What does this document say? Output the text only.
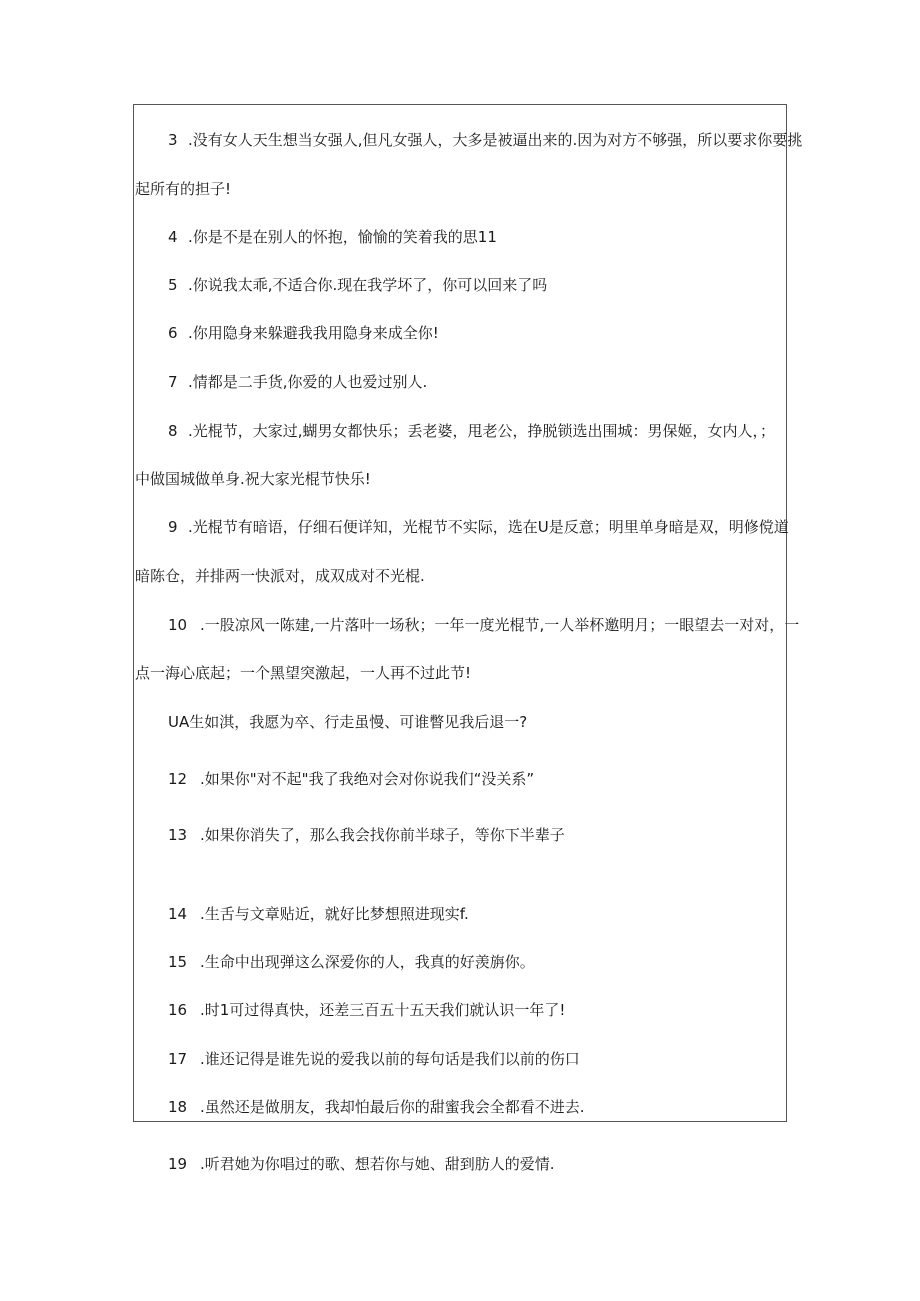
3 .没有女人天生想当女强人,但凡女强人，大多是被逼出来的.因为对方不够强，所以要求你要挑
起所有的担子!
4 .你是不是在别人的怀抱，愉愉的笑着我的思11
5 .你说我太乖,不适合你.现在我学坏了，你可以回来了吗
6 .你用隐身来躲避我我用隐身来成全你!
7 .情都是二手货,你爱的人也爱过别人.
8 .光棍节，大家过,蝴男女都快乐；丢老婆，甩老公，挣脱锁选出围城：男保姬，女内人，；
中做国城做单身.祝大家光棍节快乐!
9 .光棍节有暗语，仔细石便详知，光棍节不实际，选在U是反意；明里单身暗是双，明修傥道
暗陈仓，并排两一快派对，成双成对不光棍.
10 .一股凉风一陈建,一片落叶一场秋；一年一度光棍节,一人举杯邀明月；一眼望去一对对，一
点一海心底起；一个黑望突激起，一人再不过此节!
UA生如淇，我愿为卒、行走虽慢、可谁瞥见我后退一?
12 .如果你"对不起"我了我绝对会对你说我们“没关系”
13 .如果你消失了，那么我会找你前半球子，等你下半辈子
14 .生舌与文章贴近，就好比梦想照进现实f.
15 .生命中出现弹这么深爱你的人，我真的好羡旃你。
16 .时1可过得真快，还差三百五十五天我们就认识一年了!
17 .谁还记得是谁先说的爱我以前的每句话是我们以前的伤口
18 .虽然还是做朋友，我却怕最后你的甜蜜我会全都看不进去.
19 .听君她为你唱过的歌、想若你与她、甜到肪人的爱情.
